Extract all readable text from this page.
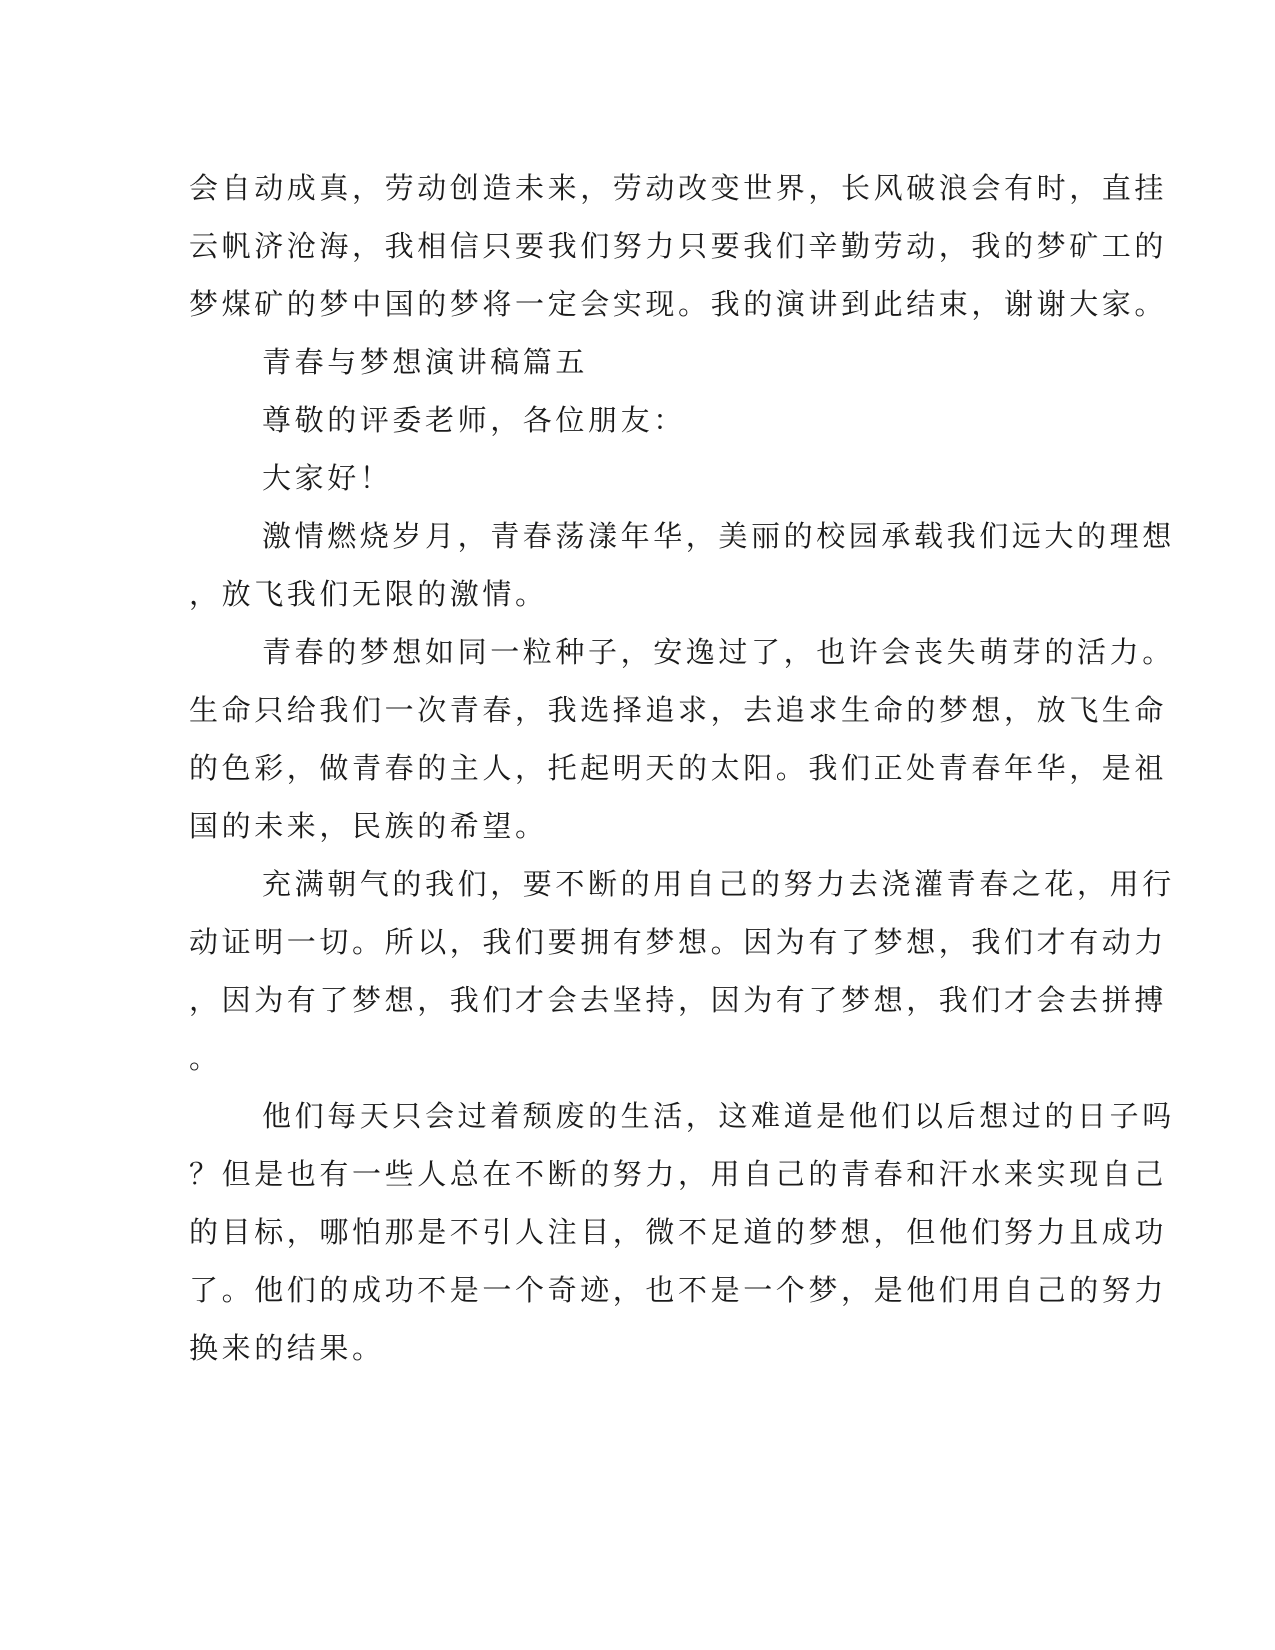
会自动成真，劳动创造未来，劳动改变世界，长风破浪会有时，直挂
云帆济沧海，我相信只要我们努力只要我们辛勤劳动，我的梦矿工的
梦煤矿的梦中国的梦将一定会实现。我的演讲到此结束，谢谢大家。
青春与梦想演讲稿篇五
尊敬的评委老师，各位朋友：
大家好！
激情燃烧岁月，青春荡漾年华，美丽的校园承载我们远大的理想
，放飞我们无限的激情。
青春的梦想如同一粒种子，安逸过了，也许会丧失萌芽的活力。
生命只给我们一次青春，我选择追求，去追求生命的梦想，放飞生命
的色彩，做青春的主人，托起明天的太阳。我们正处青春年华，是祖
国的未来，民族的希望。
充满朝气的我们，要不断的用自己的努力去浇灌青春之花，用行
动证明一切。所以，我们要拥有梦想。因为有了梦想，我们才有动力
，因为有了梦想，我们才会去坚持，因为有了梦想，我们才会去拼搏
。
他们每天只会过着颓废的生活，这难道是他们以后想过的日子吗
？但是也有一些人总在不断的努力，用自己的青春和汗水来实现自己
的目标，哪怕那是不引人注目，微不足道的梦想，但他们努力且成功
了。他们的成功不是一个奇迹，也不是一个梦，是他们用自己的努力
换来的结果。
